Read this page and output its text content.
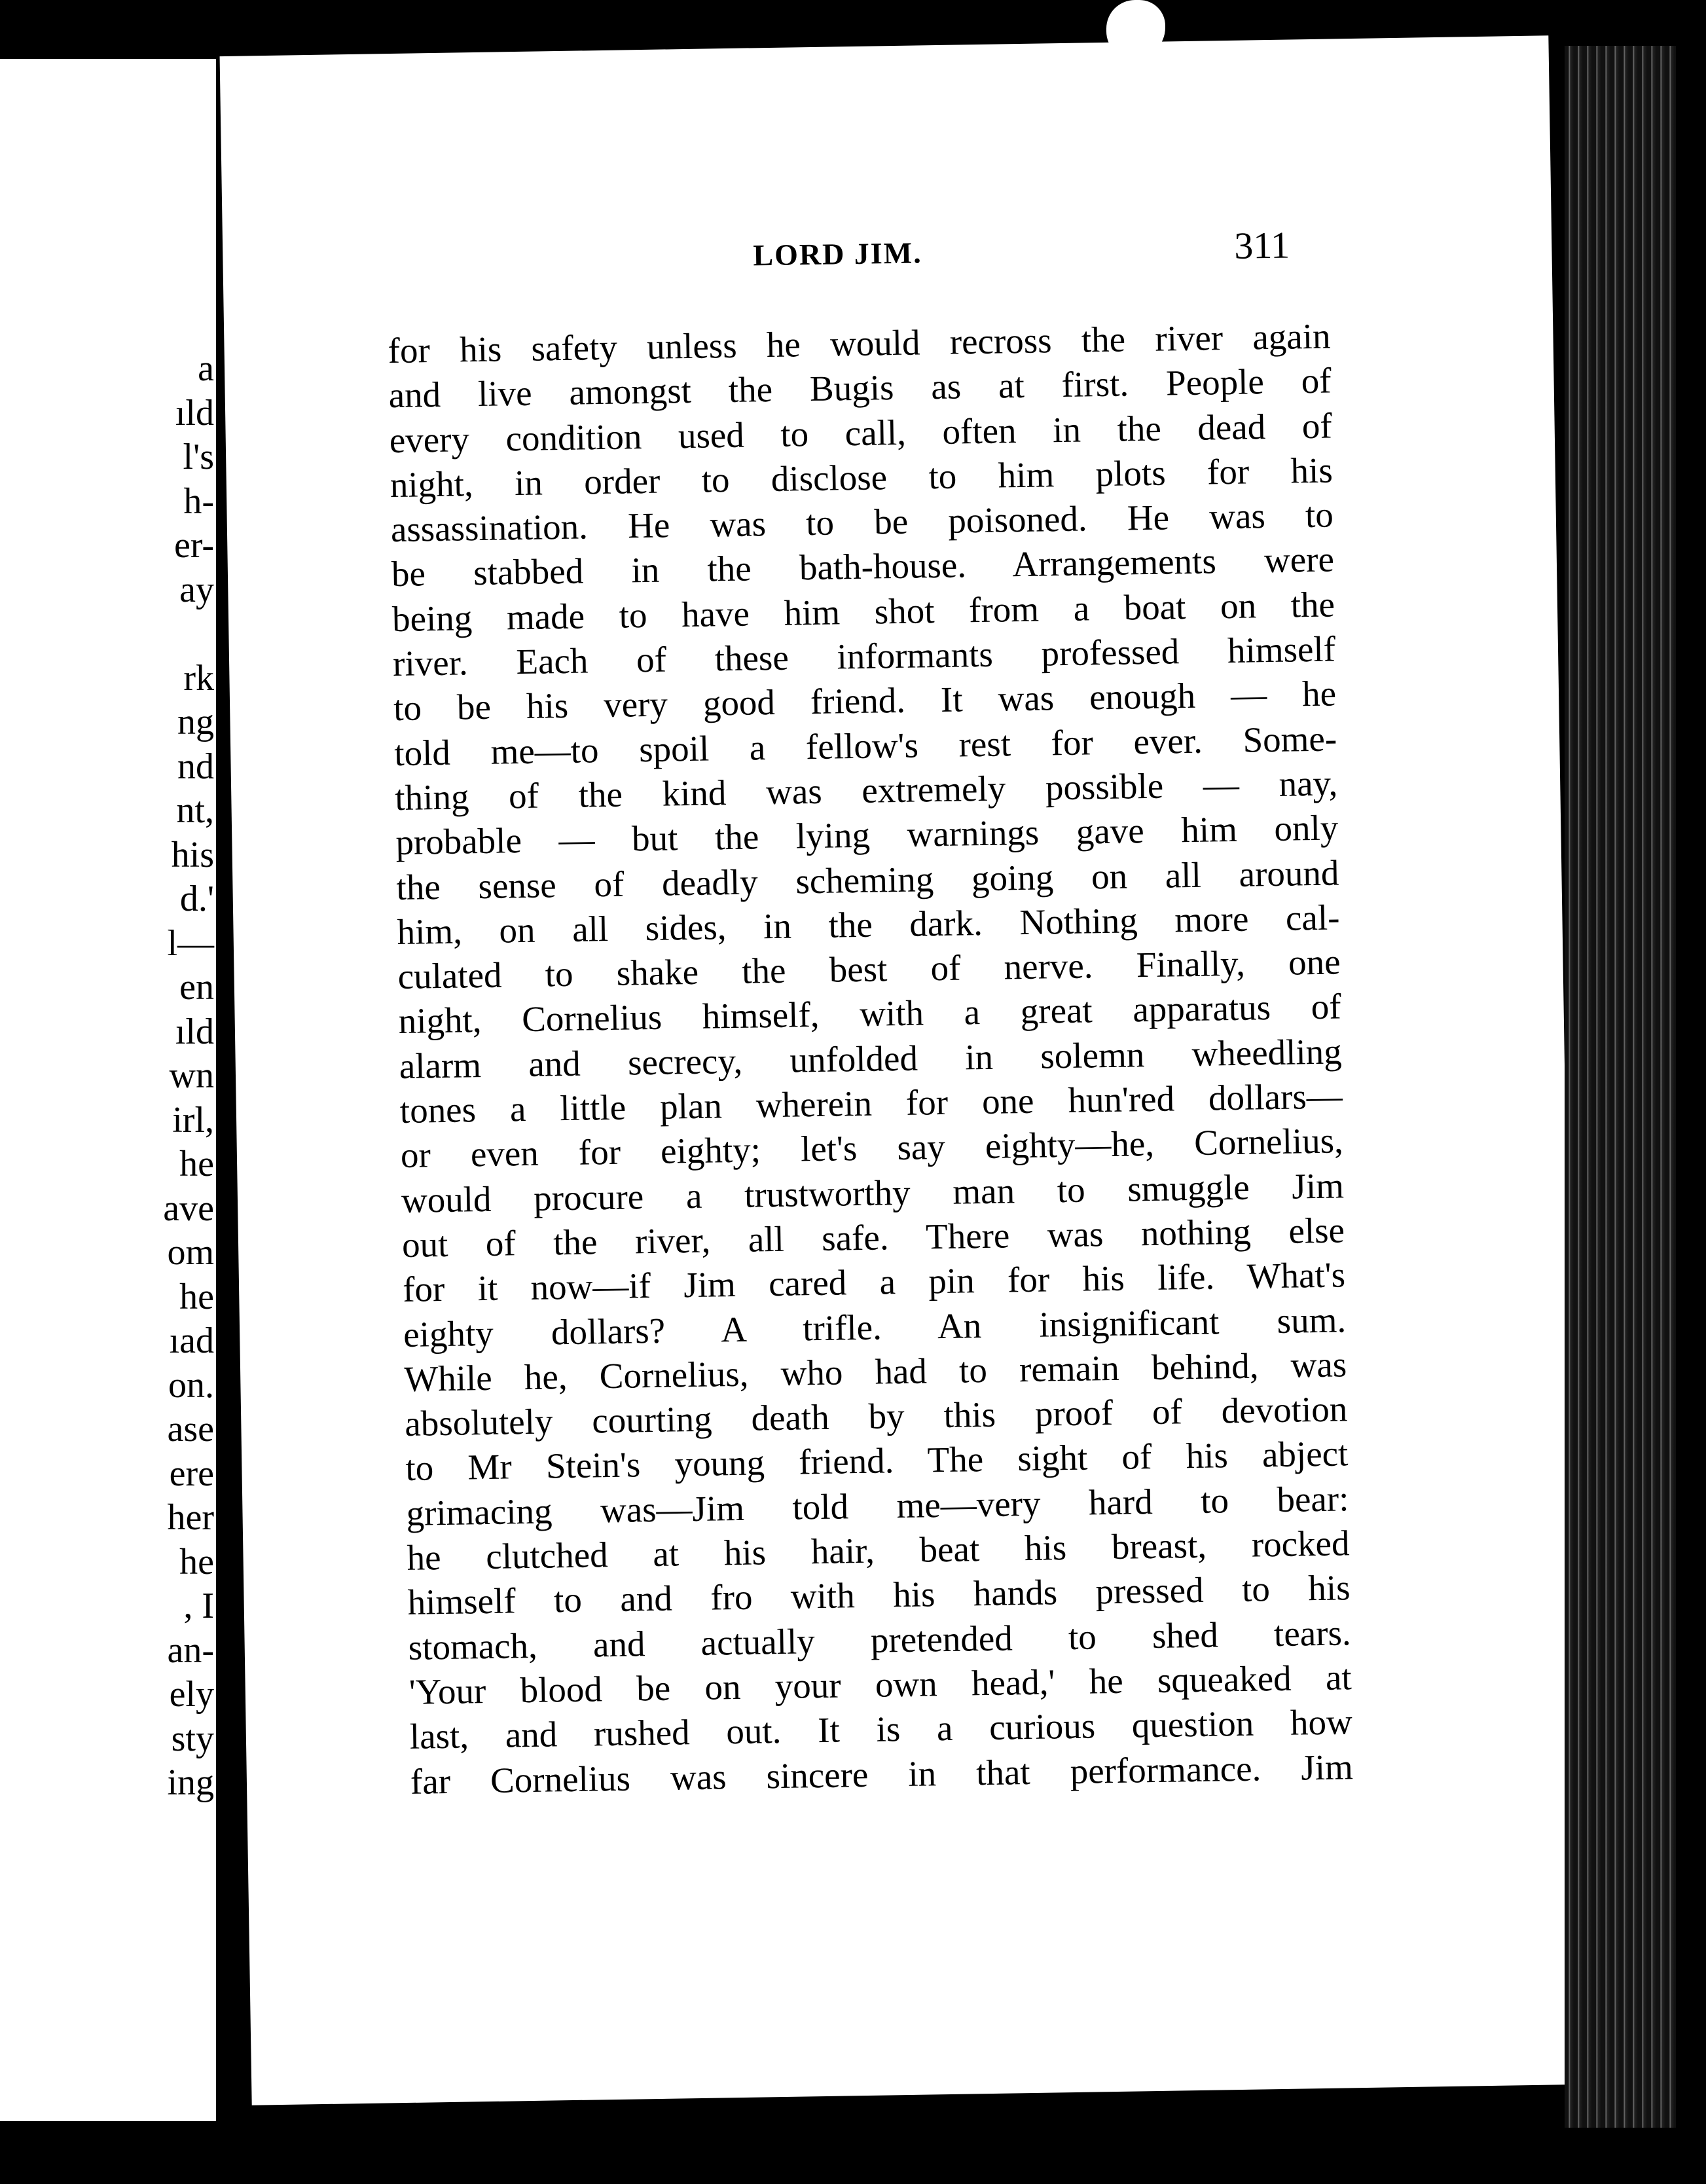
a
ıld
l's
h-
er-
ay
rk
ng
nd
nt,
his
d.'
l—
en
ıld
wn
irl,
he
ave
om
he
ıad
on.
ase
ere
her
he
, I
an-
ely
sty
ing
LORD JIM.	311
for his safety unless he would recross the river again
and live amongst the Bugis as at first. People of
every condition used to call, often in the dead of
night, in order to disclose to him plots for his
assassination. He was to be poisoned. He was to
be stabbed in the bath-house. Arrangements were
being made to have him shot from a boat on the
river. Each of these informants professed himself
to be his very good friend. It was enough — he
told me—to spoil a fellow's rest for ever. Some-
thing of the kind was extremely possible — nay,
probable — but the lying warnings gave him only
the sense of deadly scheming going on all around
him, on all sides, in the dark. Nothing more cal-
culated to shake the best of nerve. Finally, one
night, Cornelius himself, with a great apparatus of
alarm and secrecy, unfolded in solemn wheedling
tones a little plan wherein for one hun'red dollars—
or even for eighty; let's say eighty—he, Cornelius,
would procure a trustworthy man to smuggle Jim
out of the river, all safe. There was nothing else
for it now—if Jim cared a pin for his life. What's
eighty dollars? A trifle. An insignificant sum.
While he, Cornelius, who had to remain behind, was
absolutely courting death by this proof of devotion
to Mr Stein's young friend. The sight of his abject
grimacing was—Jim told me—very hard to bear:
he clutched at his hair, beat his breast, rocked
himself to and fro with his hands pressed to his
stomach, and actually pretended to shed tears.
'Your blood be on your own head,' he squeaked at
last, and rushed out. It is a curious question how
far Cornelius was sincere in that performance. Jim
